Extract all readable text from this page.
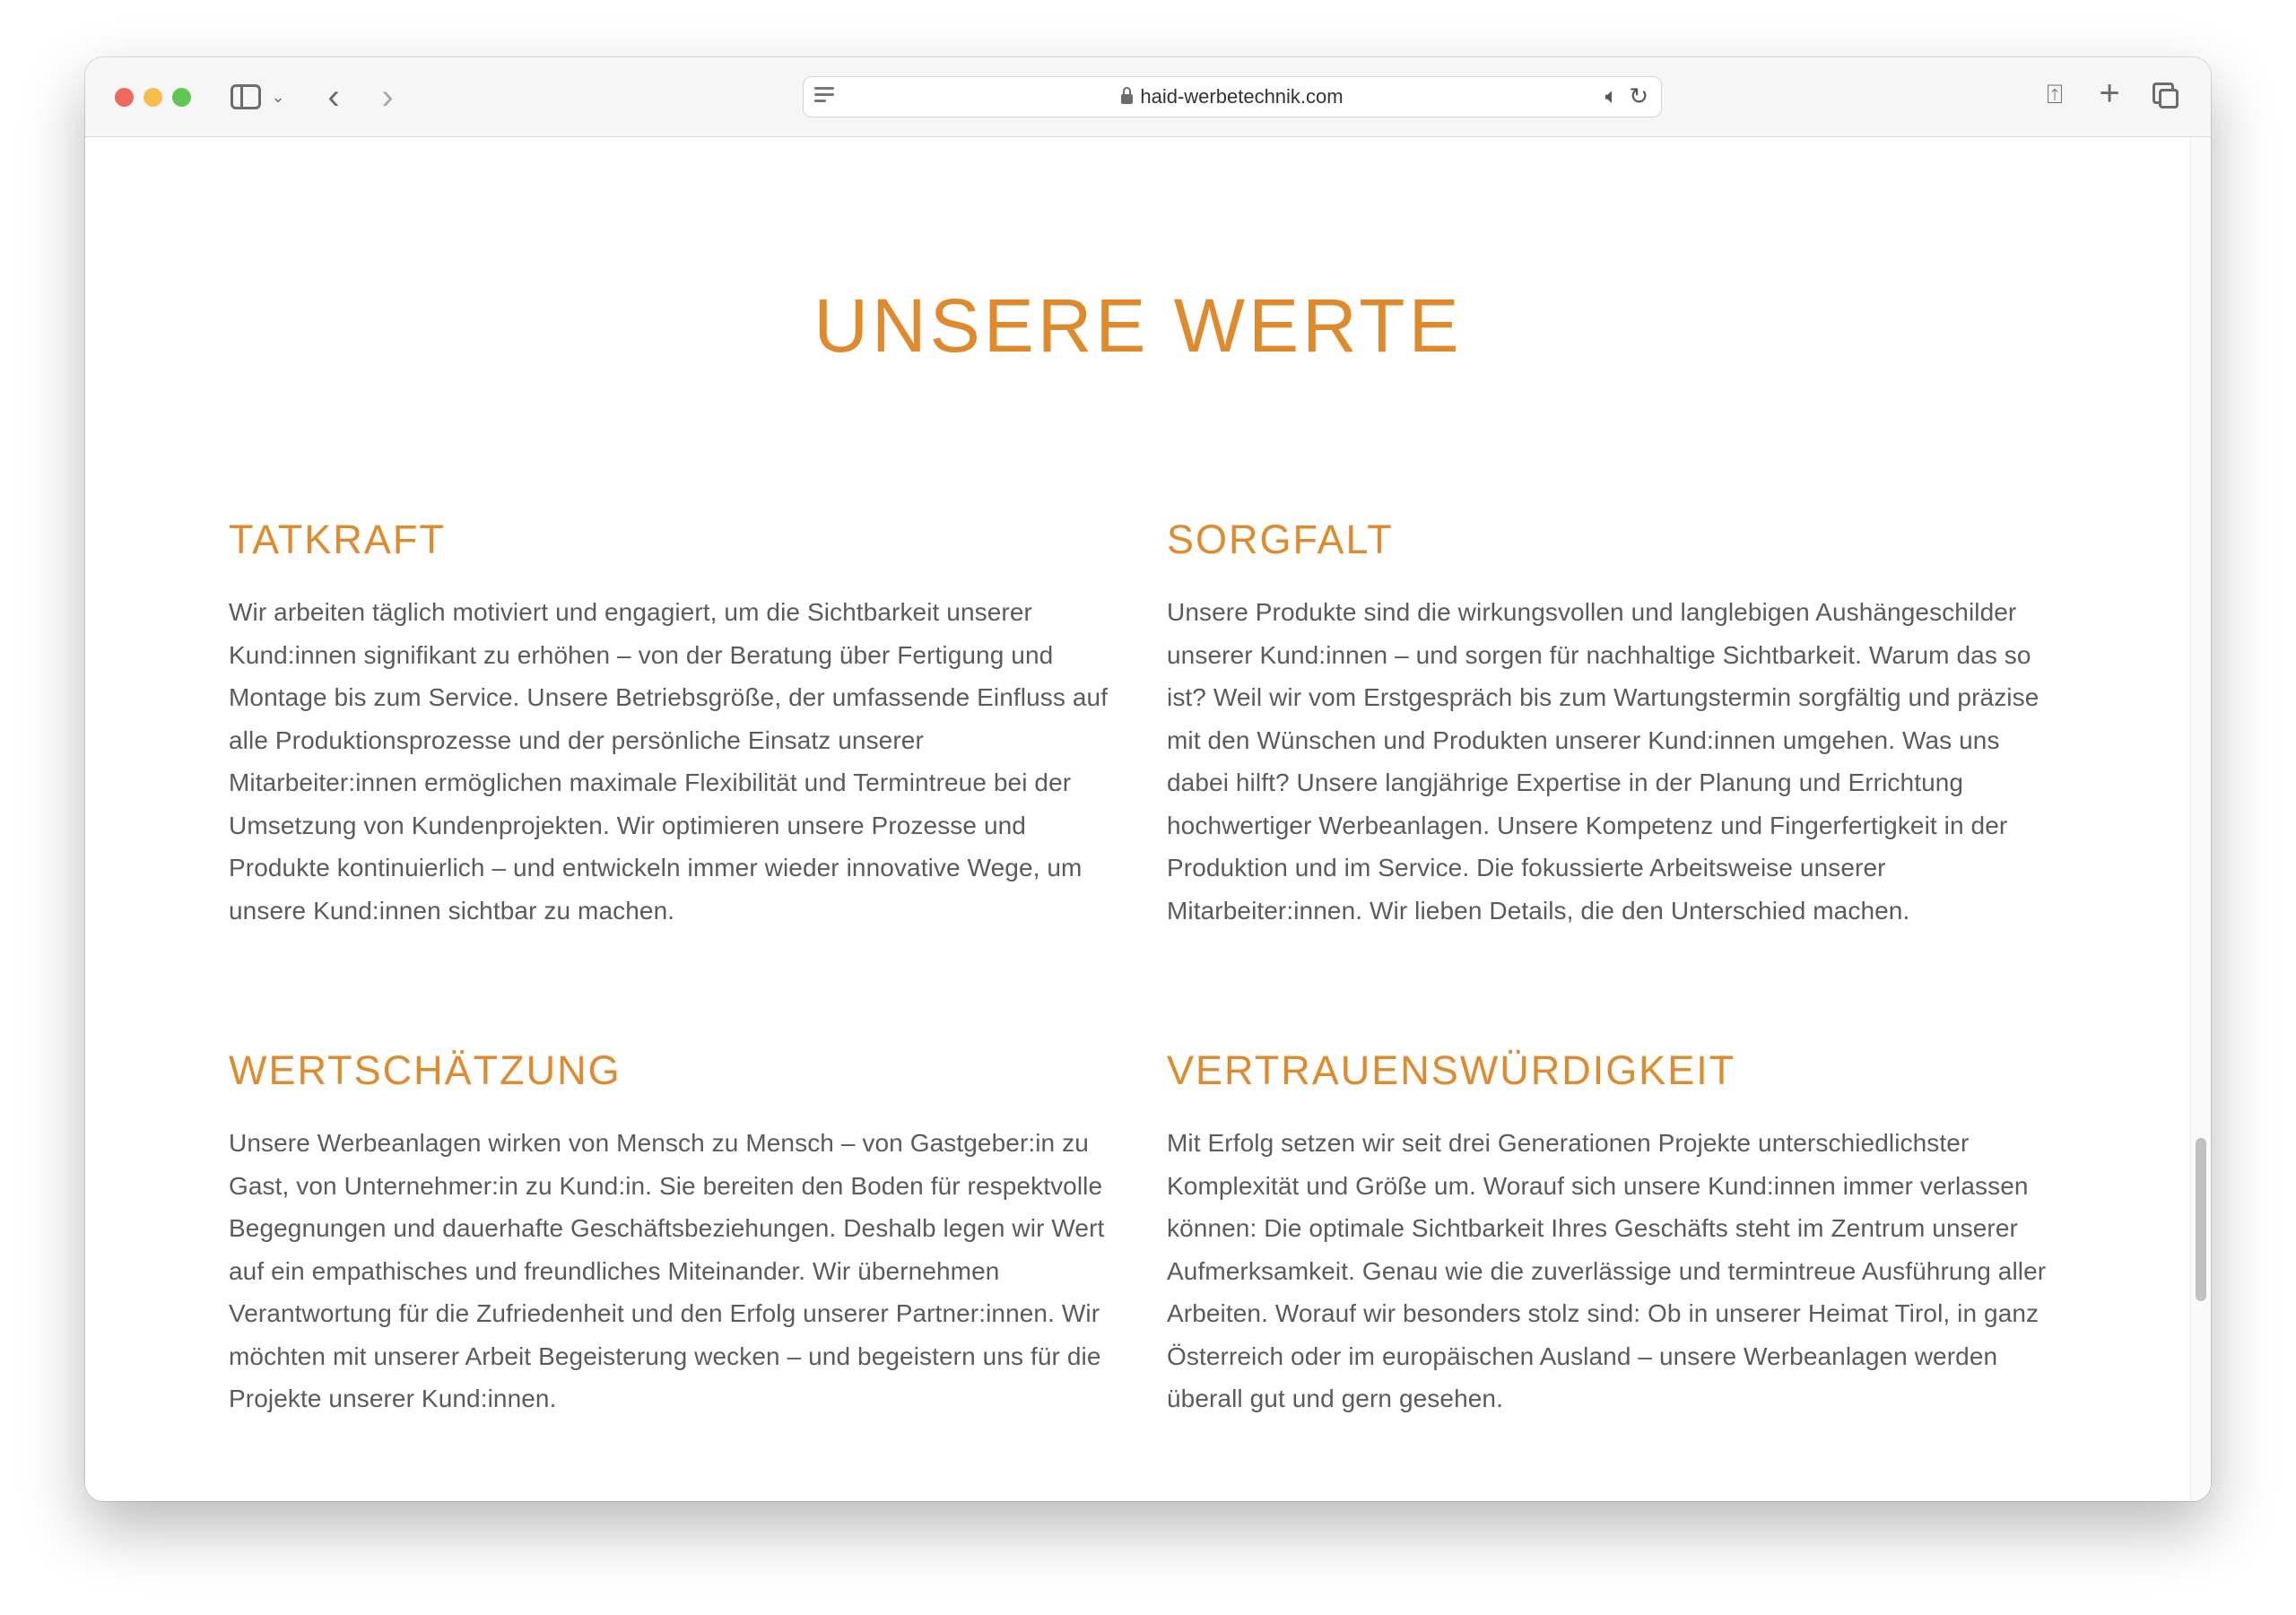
⌄ ‹ ›	haid-werbetechnik.com	🔈︎ ↻	⍐ +
UNSERE WERTE
TATKRAFT

Wir arbeiten täglich motiviert und engagiert, um die Sichtbarkeit unserer Kund:innen signifikant zu erhöhen – von der Beratung über Fertigung und Montage bis zum Service. Unsere Betriebsgröße, der umfassende Einfluss auf alle Produktionsprozesse und der persönliche Einsatz unserer Mitarbeiter:innen ermöglichen maximale Flexibilität und Termintreue bei der Umsetzung von Kundenprojekten. Wir optimieren unsere Prozesse und Produkte kontinuierlich – und entwickeln immer wieder innovative Wege, um unsere Kund:innen sichtbar zu machen.

SORGFALT

Unsere Produkte sind die wirkungsvollen und langlebigen Aushängeschilder unserer Kund:innen – und sorgen für nachhaltige Sichtbarkeit. Warum das so ist? Weil wir vom Erstgespräch bis zum Wartungstermin sorgfältig und präzise mit den Wünschen und Produkten unserer Kund:innen umgehen. Was uns dabei hilft? Unsere langjährige Expertise in der Planung und Errichtung hochwertiger Werbeanlagen. Unsere Kompetenz und Fingerfertigkeit in der Produktion und im Service. Die fokussierte Arbeitsweise unserer Mitarbeiter:innen. Wir lieben Details, die den Unterschied machen.

WERTSCHÄTZUNG

Unsere Werbeanlagen wirken von Mensch zu Mensch – von Gastgeber:in zu Gast, von Unternehmer:in zu Kund:in. Sie bereiten den Boden für respektvolle Begegnungen und dauerhafte Geschäftsbeziehungen. Deshalb legen wir Wert auf ein empathisches und freundliches Miteinander. Wir übernehmen Verantwortung für die Zufriedenheit und den Erfolg unserer Partner:innen. Wir möchten mit unserer Arbeit Begeisterung wecken – und begeistern uns für die Projekte unserer Kund:innen.

VERTRAUENSWÜRDIGKEIT

Mit Erfolg setzen wir seit drei Generationen Projekte unterschiedlichster Komplexität und Größe um. Worauf sich unsere Kund:innen immer verlassen können: Die optimale Sichtbarkeit Ihres Geschäfts steht im Zentrum unserer Aufmerksamkeit. Genau wie die zuverlässige und termintreue Ausführung aller Arbeiten. Worauf wir besonders stolz sind: Ob in unserer Heimat Tirol, in ganz Österreich oder im europäischen Ausland – unsere Werbeanlagen werden überall gut und gern gesehen.
